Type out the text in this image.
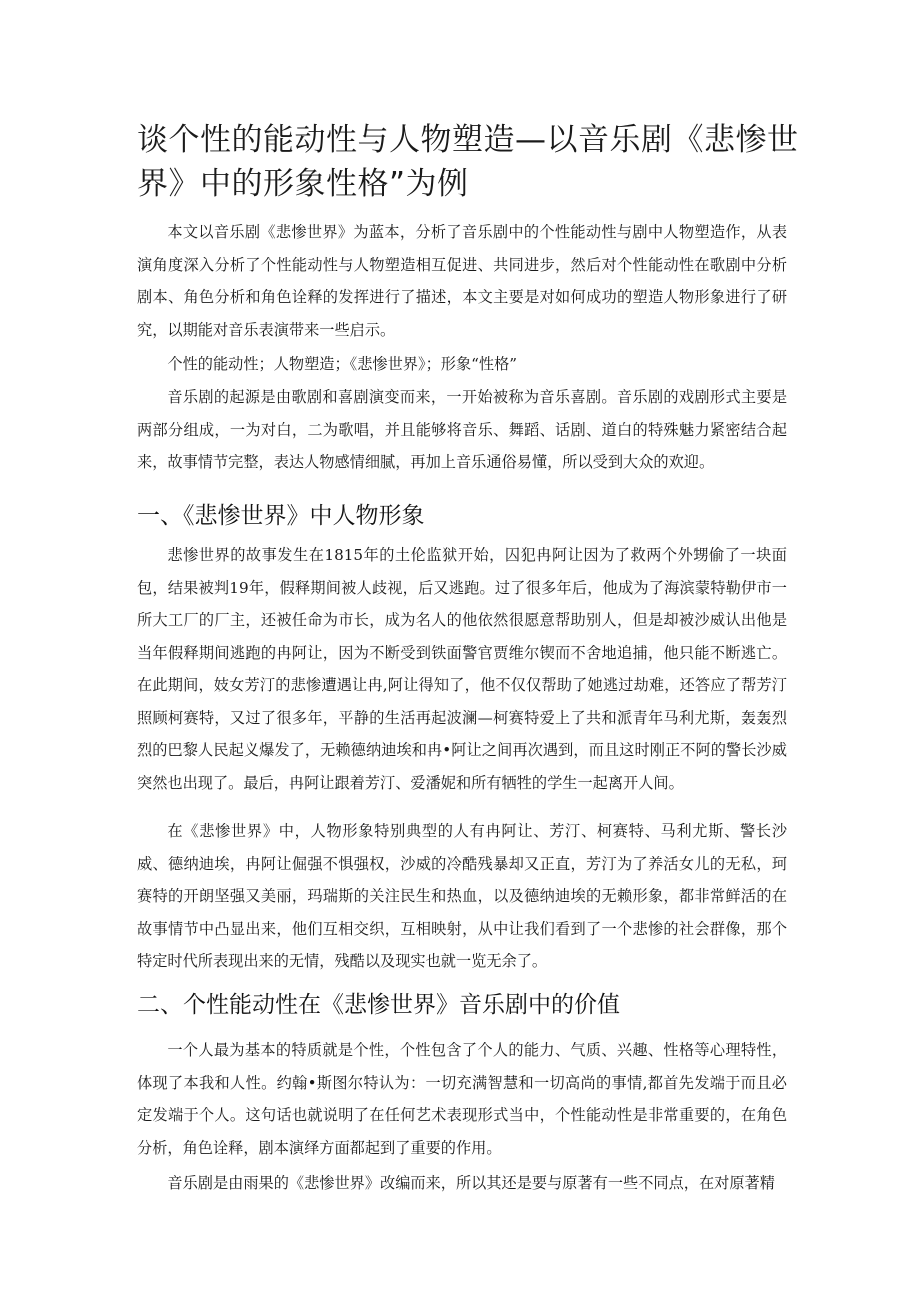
谈个性的能动性与人物塑造—以音乐剧《悲惨世界》中的形象性格”为例

本文以音乐剧《悲惨世界》为蓝本，分析了音乐剧中的个性能动性与剧中人物塑造作，从表演角度深入分析了个性能动性与人物塑造相互促进、共同进步，然后对个性能动性在歌剧中分析剧本、角色分析和角色诠释的发挥进行了描述，本文主要是对如何成功的塑造人物形象进行了研究，以期能对音乐表演带来一些启示。

个性的能动性；人物塑造；《悲惨世界》；形象“性格”

音乐剧的起源是由歌剧和喜剧演变而来，一开始被称为音乐喜剧。音乐剧的戏剧形式主要是两部分组成，一为对白，二为歌唱，并且能够将音乐、舞蹈、话剧、道白的特殊魅力紧密结合起来，故事情节完整，表达人物感情细腻，再加上音乐通俗易懂，所以受到大众的欢迎。

一、《悲惨世界》中人物形象

悲惨世界的故事发生在1815年的土伦监狱开始，囚犯冉阿让因为了救两个外甥偷了一块面包，结果被判19年，假释期间被人歧视，后又逃跑。过了很多年后，他成为了海滨蒙特勒伊市一所大工厂的厂主，还被任命为市长，成为名人的他依然很愿意帮助别人，但是却被沙威认出他是当年假释期间逃跑的冉阿让，因为不断受到铁面警官贾维尔锲而不舍地追捕，他只能不断逃亡。在此期间，妓女芳汀的悲惨遭遇让冉,阿让得知了，他不仅仅帮助了她逃过劫难，还答应了帮芳汀照顾柯赛特，又过了很多年，平静的生活再起波澜—柯赛特爱上了共和派青年马利尤斯，轰轰烈烈的巴黎人民起义爆发了，无赖德纳迪埃和冉•阿让之间再次遇到，而且这时刚正不阿的警长沙威突然也出现了。最后，冉阿让跟着芳汀、爱潘妮和所有牺牲的学生一起离开人间。

在《悲惨世界》中，人物形象特别典型的人有冉阿让、芳汀、柯赛特、马利尤斯、警长沙威、德纳迪埃，冉阿让倔强不惧强权，沙威的冷酷残暴却又正直，芳汀为了养活女儿的无私，珂赛特的开朗坚强又美丽，玛瑞斯的关注民生和热血，以及德纳迪埃的无赖形象，都非常鲜活的在故事情节中凸显出来，他们互相交织，互相映射，从中让我们看到了一个悲惨的社会群像，那个特定时代所表现出来的无情，残酷以及现实也就一览无余了。

二、个性能动性在《悲惨世界》音乐剧中的价值

一个人最为基本的特质就是个性，个性包含了个人的能力、气质、兴趣、性格等心理特性，体现了本我和人性。约翰•斯图尔特认为：一切充满智慧和一切高尚的事情,都首先发端于而且必定发端于个人。这句话也就说明了在任何艺术表现形式当中，个性能动性是非常重要的，在角色分析，角色诠释，剧本演绎方面都起到了重要的作用。

音乐剧是由雨果的《悲惨世界》改编而来，所以其还是要与原著有一些不同点，在对原著精
